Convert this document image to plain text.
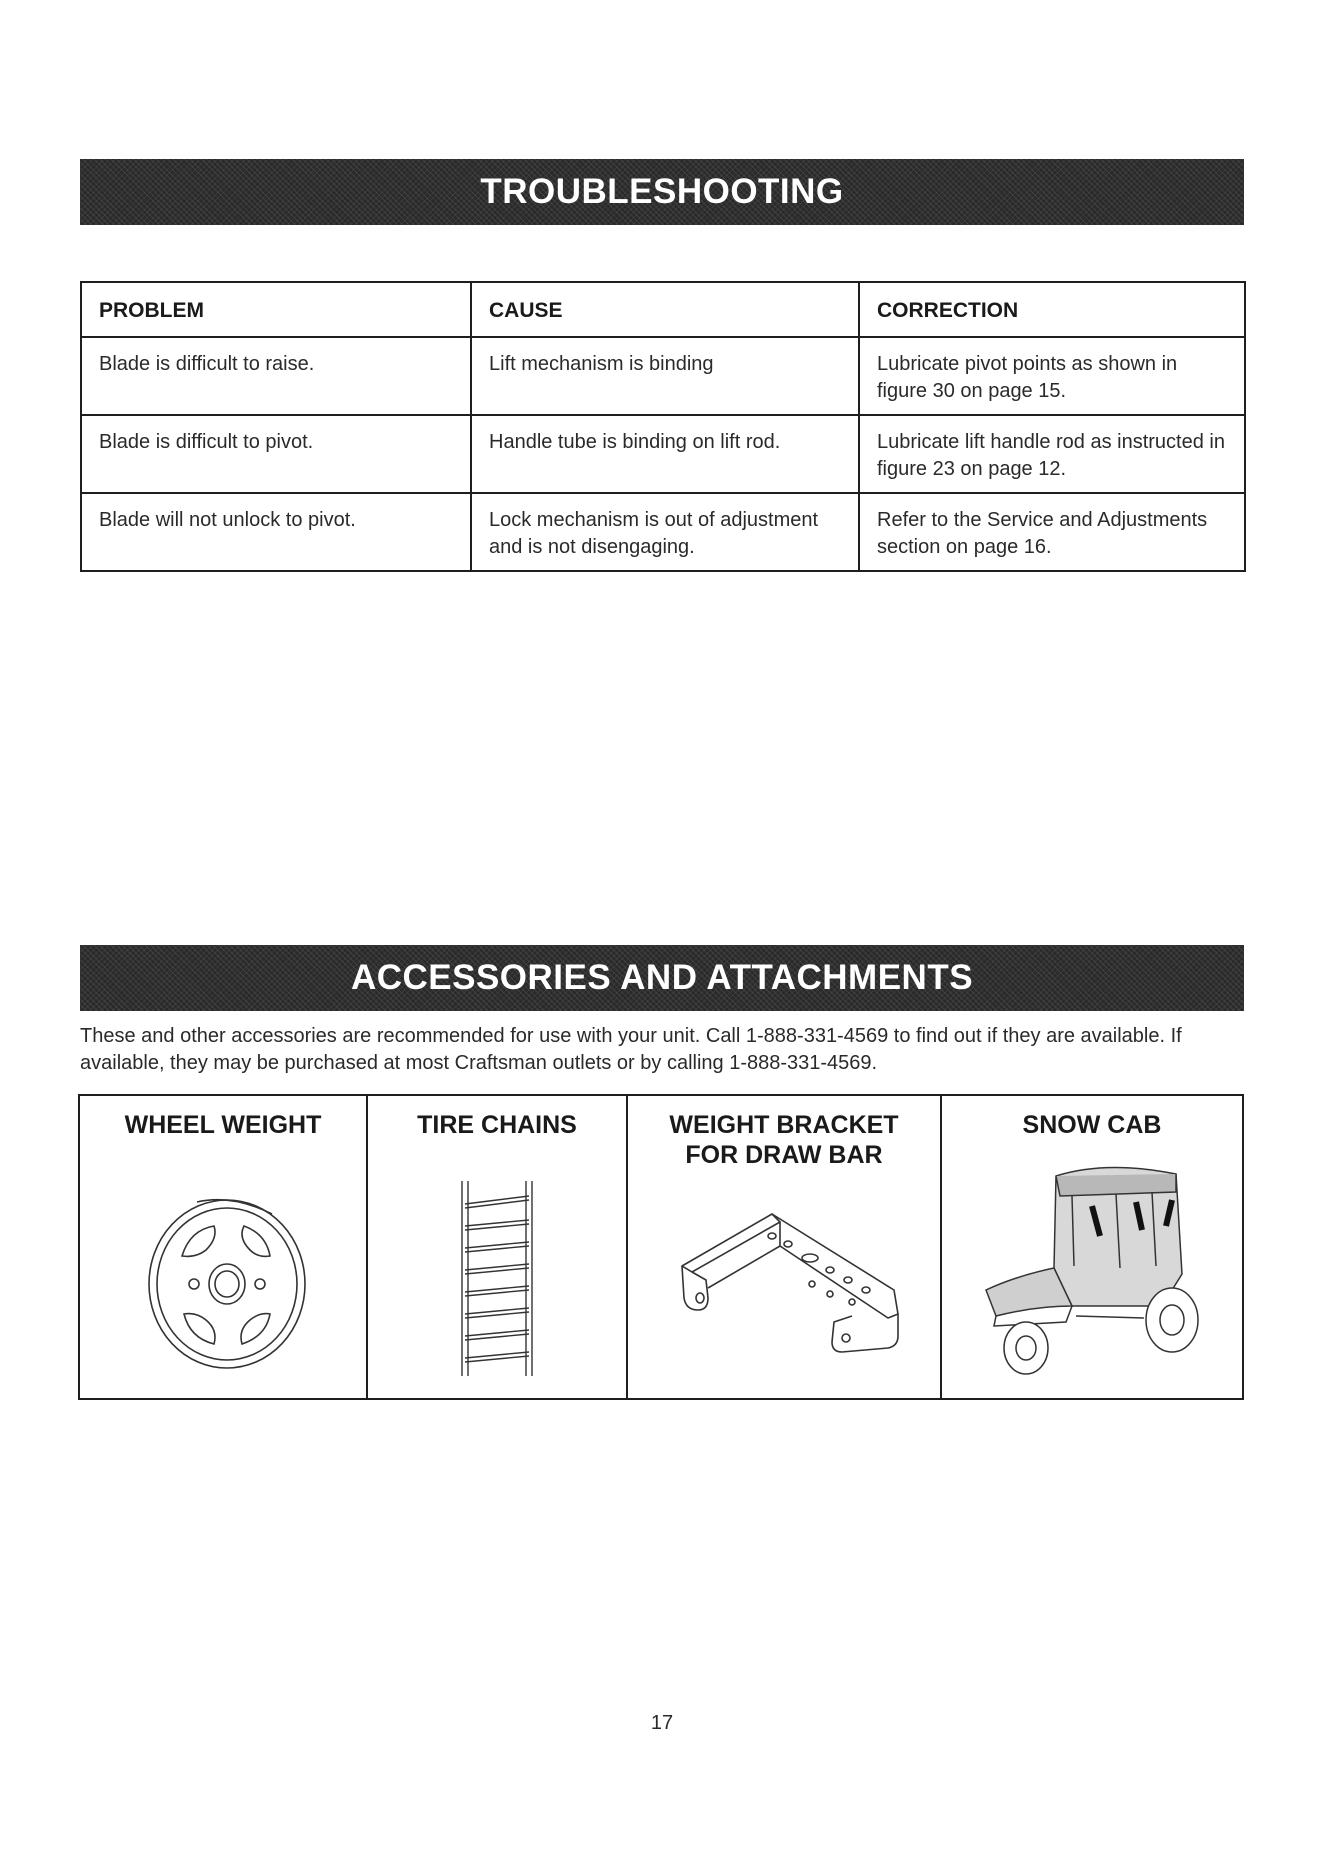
TROUBLESHOOTING
PROBLEM	CAUSE	CORRECTION
Blade is difficult to raise.	Lift mechanism is binding	Lubricate pivot points as shown in figure 30 on page 15.
Blade is difficult to pivot.	Handle tube is binding on lift rod.	Lubricate lift handle rod as instructed in figure 23 on page 12.
Blade will not unlock to pivot.	Lock mechanism is out of adjustment and is not disengaging.	Refer to the Service and Adjustments section on page 16.
ACCESSORIES AND ATTACHMENTS
These and other accessories are recommended for use with your unit. Call 1-888-331-4569 to find out if they are available. If available, they may be purchased at most Craftsman outlets or by calling 1-888-331-4569.
WHEEL WEIGHT	TIRE CHAINS	WEIGHT BRACKET FOR DRAW BAR
SNOW CAB
17
